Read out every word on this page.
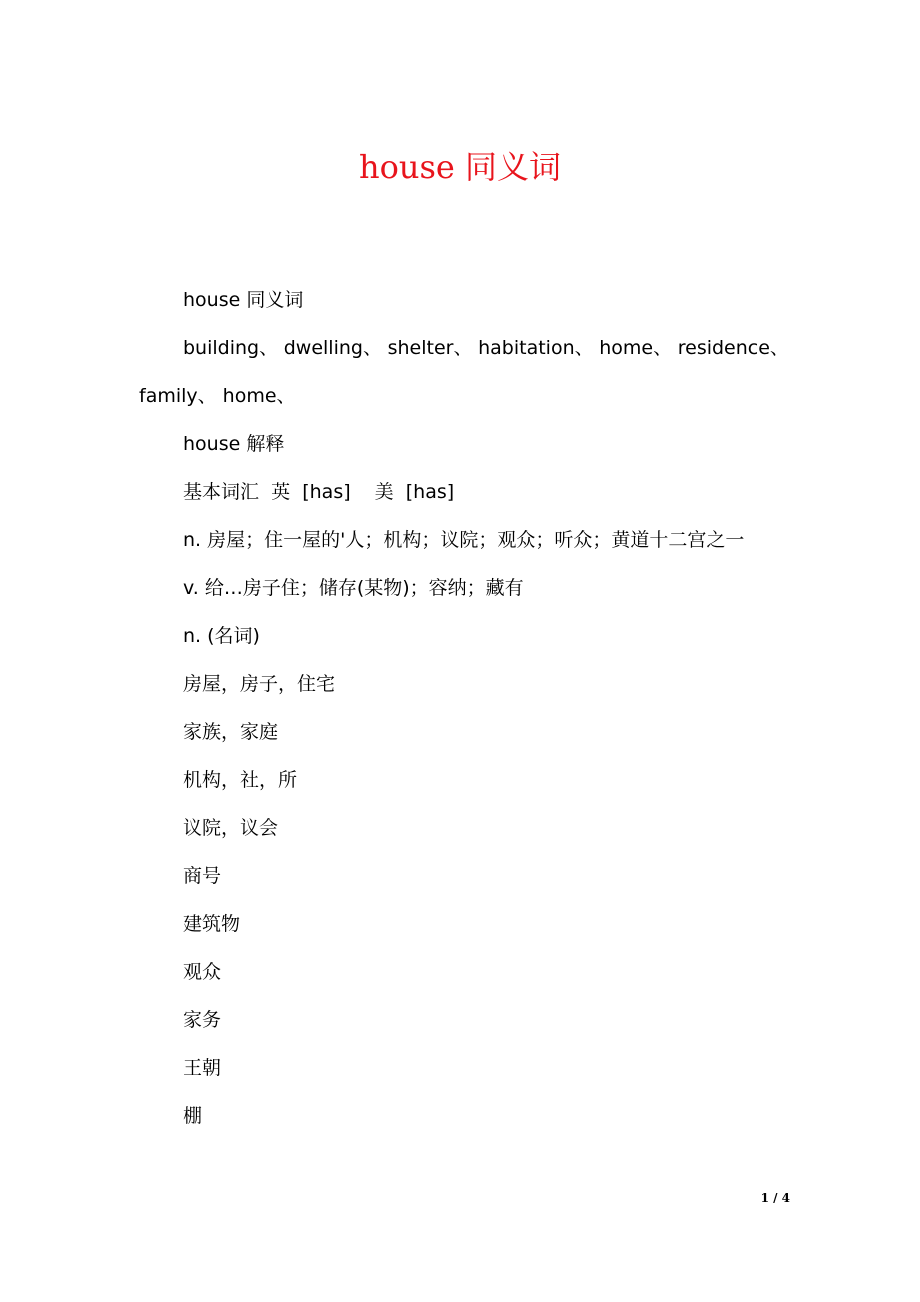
house 同义词

house 同义词

building、 dwelling、 shelter、 habitation、 home、 residence、

family、 home、

house 解释

基本词汇 英 [has] 美 [has]

n. 房屋；住一屋的'人；机构；议院；观众；听众；黄道十二宫之一

v. 给…房子住；储存(某物)；容纳；藏有

n. (名词)

房屋，房子，住宅

家族，家庭

机构，社，所

议院，议会

商号

建筑物

观众

家务

王朝

棚

1 / 4
